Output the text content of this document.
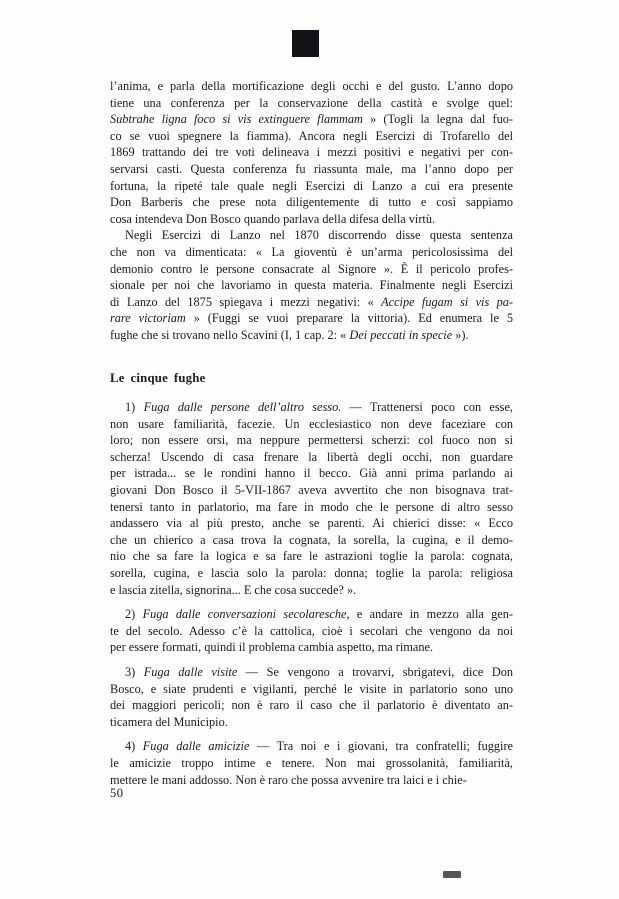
l’anima, e parla della mortificazione degli occhi e del gusto. L’anno dopo
tiene una conferenza per la conservazione della castità e svolge quel:
Subtrahe ligna foco si vis extinguere flammam » (Togli la legna dal fuo-
co se vuoi spegnere la fiamma). Ancora negli Esercizi di Trofarello del
1869 trattando dei tre voti delineava i mezzi positivi e negativi per con-
servarsi casti. Questa conferenza fu riassunta male, ma l’anno dopo per
fortuna, la ripeté tale quale negli Esercizi di Lanzo a cui era presente
Don Barberis che prese nota diligentemente di tutto e così sappiamo
cosa intendeva Don Bosco quando parlava della difesa della virtù.
Negli Esercizi di Lanzo nel 1870 discorrendo disse questa sentenza
che non va dimenticata: « La gioventù è un’arma pericolosissima del
demonio contro le persone consacrate al Signore ». È il pericolo profes-
sionale per noi che lavoriamo in questa materia. Finalmente negli Esercizi
di Lanzo del 1875 spiegava i mezzi negativi: « Accipe fugam si vis pa-
rare victoriam » (Fuggi se vuoi preparare la vittoria). Ed enumera le 5
fughe che si trovano nello Scavini (I, 1 cap. 2: « Dei peccati in specie »).
Le cinque fughe
1) Fuga dalle persone dell’altro sesso. — Trattenersi poco con esse,
non usare familiarità, facezie. Un ecclesiastico non deve faceziare con
loro; non essere orsi, ma neppure permettersi scherzi: col fuoco non si
scherza! Uscendo di casa frenare la libertà degli occhi, non guardare
per istrada... se le rondini hanno il becco. Già anni prima parlando ai
giovani Don Bosco il 5-VII-1867 aveva avvertito che non bisognava trat-
tenersi tanto in parlatorio, ma fare in modo che le persone di altro sesso
andassero via al più presto, anche se parenti. Ai chierici disse: « Ecco
che un chierico a casa trova la cognata, la sorella, la cugina, e il demo-
nio che sa fare la logica e sa fare le astrazioni toglie la parola: cognata,
sorella, cugina, e lascia solo la parola: donna; toglie la parola: religiosa
e lascia zitella, signorina... E che cosa succede? ».
2) Fuga dalle conversazioni secolaresche, e andare in mezzo alla gen-
te del secolo. Adesso c’è la cattolica, cioè i secolari che vengono da noi
per essere formati, quindi il problema cambia aspetto, ma rimane.
3) Fuga dalle visite — Se vengono a trovarvi, sbrigatevi, dice Don
Bosco, e siate prudenti e vigilanti, perché le visite in parlatorio sono uno
dei maggiori pericoli; non è raro il caso che il parlatorio è diventato an-
ticamera del Municipio.
4) Fuga dalle amicizie — Tra noi e i giovani, tra confratelli; fuggire
le amicizie troppo intime e tenere. Non mai grossolanità, familiarità,
mettere le mani addosso. Non è raro che possa avvenire tra laici e i chie-
50
